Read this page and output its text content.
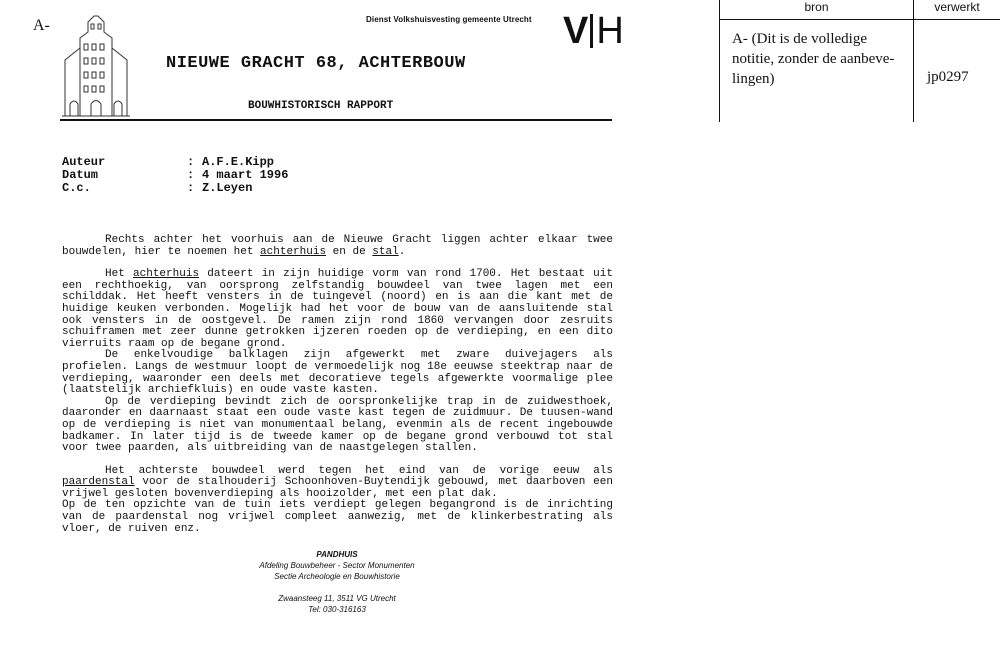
A-	Dienst Volkshuisvesting gemeente Utrecht V H
NIEUWE GRACHT 68, ACHTERBOUW
BOUWHISTORISCH RAPPORT
Auteur	: A.F.E.Kipp
Datum	: 4 maart 1996
C.c.	: Z.Leyen

Rechts achter het voorhuis aan de Nieuwe Gracht liggen achter elkaar twee bouwdelen, hier te noemen het achterhuis en de stal.

Het achterhuis dateert in zijn huidige vorm van rond 1700. Het bestaat uit een rechthoekig, van oorsprong zelfstandig bouwdeel van twee lagen met een schilddak. Het heeft vensters in de tuingevel (noord) en is aan die kant met de huidige keuken verbonden. Mogelijk had het voor de bouw van de aansluitende stal ook vensters in de oostgevel. De ramen zijn rond 1860 vervangen door zesruits schuiframen met zeer dunne getrokken ijzeren roeden op de verdieping, en een dito vierruits raam op de begane grond.

De enkelvoudige balklagen zijn afgewerkt met zware duivejagers als profielen. Langs de westmuur loopt de vermoedelijk nog 18e eeuwse steektrap naar de verdieping, waaronder een deels met decoratieve tegels afgewerkte voormalige plee (laatstelijk archiefkluis) en oude vaste kasten.

Op de verdieping bevindt zich de oorspronkelijke trap in de zuidwesthoek, daaronder en daarnaast staat een oude vaste kast tegen de zuidmuur. De tuusen-wand op de verdieping is niet van monumentaal belang, evenmin als de recent ingebouwde badkamer. In later tijd is de tweede kamer op de begane grond verbouwd tot stal voor twee paarden, als uitbreiding van de naastgelegen stallen.

Het achterste bouwdeel werd tegen het eind van de vorige eeuw als paardenstal voor de stalhouderij Schoonhoven-Buytendijk gebouwd, met daarboven een vrijwel gesloten bovenverdieping als hooizolder, met een plat dak.

Op de ten opzichte van de tuin iets verdiept gelegen begangrond is de inrichting van de paardenstal nog vrijwel compleet aanwezig, met de klinkerbestrating als vloer, de ruiven enz.

PANDHUIS
Afdeling Bouwbeheer - Sector Monumenten
Sectie Archeologie en Bouwhistorie
Zwaansteeg 11, 3511 VG Utrecht
Tel: 030-316163
bron	verwerkt
A- (Dit is de volledige notitie, zonder de aanbeve-lingen)	jp0297
